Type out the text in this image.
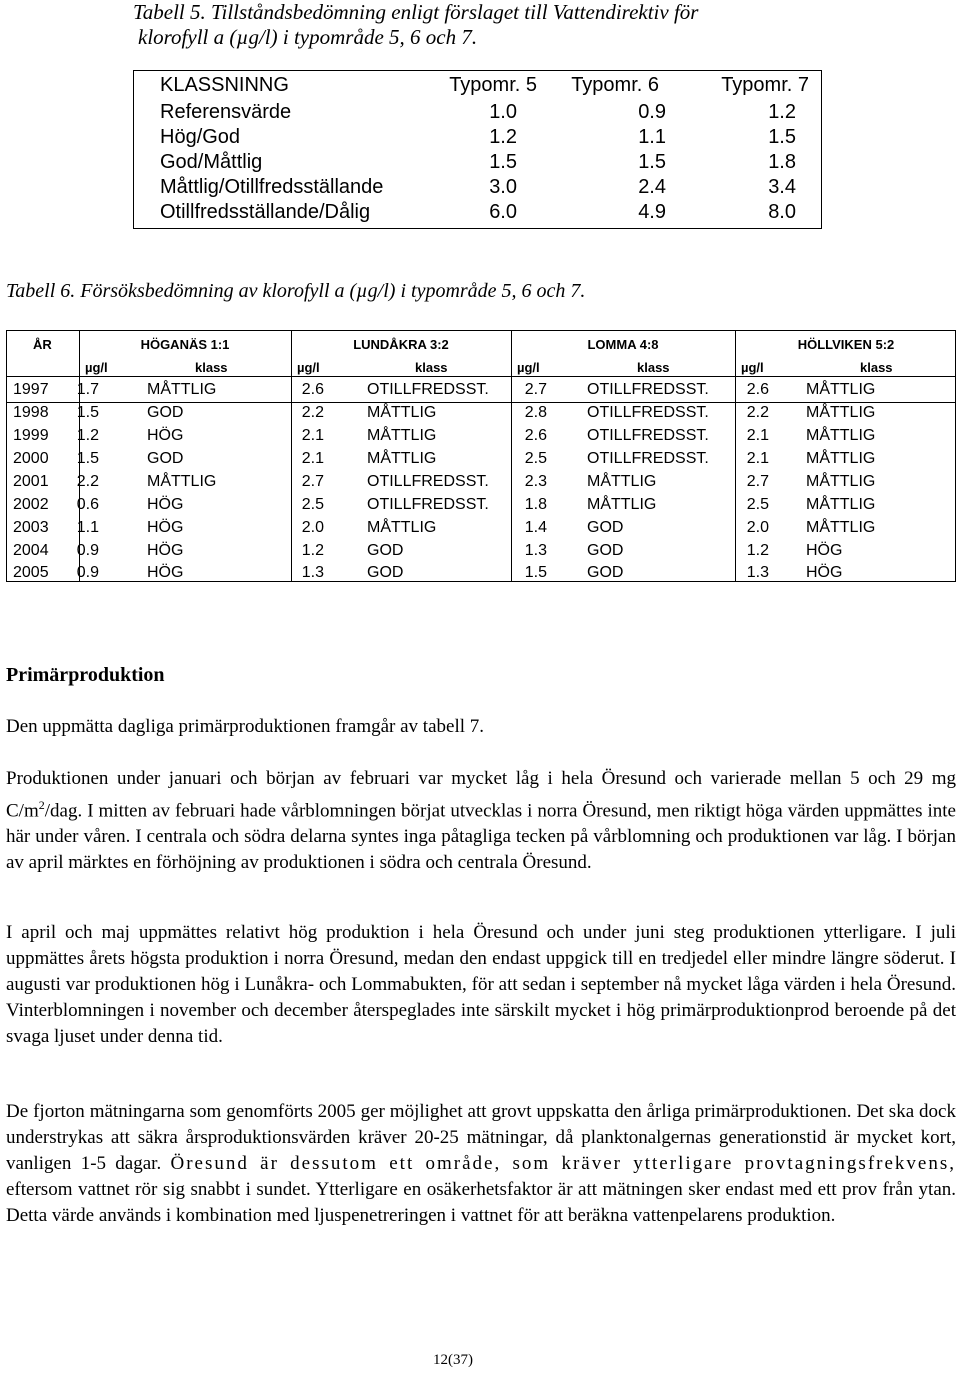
Tabell 5. Tillståndsbedömning enligt förslaget till Vattendirektiv för
klorofyll a (µg/l) i typområde 5, 6 och 7.
KLASSNINNG	Typomr. 5 Typomr. 6	Typomr. 7
Referensvärde	1.0	0.9	1.2
Hög/God	1.2	1.1	1.5
God/Måttlig	1.5	1.5	1.8
Måttlig/Otillfredsställande	3.0	2.4	3.4
Otillfredsställande/Dålig	6.0	4.9	8.0
Tabell 6. Försöksbedömning av klorofyll a (µg/l) i typområde 5, 6 och 7.
ÅR	HÖGANÄS 1:1	LUNDÅKRA 3:2	LOMMA 4:8	HÖLLVIKEN 5:2
µg/l	klass	µg/l	klass	µg/l	klass	µg/l	klass
1997	1.7	MÅTTLIG	2.6	OTILLFREDSST.	2.7	OTILLFREDSST.	2.6 MÅTTLIG
1998	1.5	GOD	2.2	MÅTTLIG	2.8	OTILLFREDSST.	2.2 MÅTTLIG
1999	1.2	HÖG	2.1	MÅTTLIG	2.6	OTILLFREDSST.	2.1 MÅTTLIG
2000	1.5	GOD	2.1	MÅTTLIG	2.5	OTILLFREDSST.	2.1 MÅTTLIG
2001	2.2	MÅTTLIG	2.7	OTILLFREDSST.	2.3	MÅTTLIG	2.7 MÅTTLIG
2002	0.6	HÖG	2.5	OTILLFREDSST.	1.8	MÅTTLIG	2.5 MÅTTLIG
2003	1.1	HÖG	2.0	MÅTTLIG	1.4	GOD	2.0 MÅTTLIG
2004	0.9	HÖG	1.2	GOD	1.3	GOD	1.2 HÖG
2005	0.9	HÖG	1.3	GOD	1.5	GOD	1.3 HÖG
Primärproduktion
Den uppmätta dagliga primärproduktionen framgår av tabell 7.
Produktionen under januari och början av februari var mycket låg i hela Öresund och varierade mellan 5 och 29 mg $C/m^2$/dag. I mitten av februari hade vårblomningen börjat utvecklas i norra Öresund, men riktigt höga värden uppmättes inte här under våren. I centrala och södra delarna syntes inga påtagliga tecken på vårblomning och produktionen var låg. I början av april märktes en förhöjning av produktionen i södra och centrala Öresund.
I april och maj uppmättes relativt hög produktion i hela Öresund och under juni steg produktionen ytterligare. I juli uppmättes årets högsta produktion i norra Öresund, medan den endast uppgick till en tredjedel eller mindre längre söderut. I augusti var produktionen hög i Lunåkra- och Lommabukten, för att sedan i september nå mycket låga värden i hela Öresund. Vinterblomningen i november och december återspeglades inte särskilt mycket i hög primärproduktionprod beroende på det svaga ljuset under denna tid.
De fjorton mätningarna som genomförts 2005 ger möjlighet att grovt uppskatta den årliga primärproduktionen. Det ska dock understrykas att säkra årsproduktionsvärden kräver 20-25 mätningar, då planktonalgernas generationstid är mycket kort, vanligen 1-5 dagar. Öresund är dessutom ett område, som kräver ytterligare provtagningsfrekvens, eftersom vattnet rör sig snabbt i sundet. Ytterligare en osäkerhetsfaktor är att mätningen sker endast med ett prov från ytan. Detta värde används i kombination med ljuspenetreringen i vattnet för att beräkna vattenpelarens produktion.
12(37)
